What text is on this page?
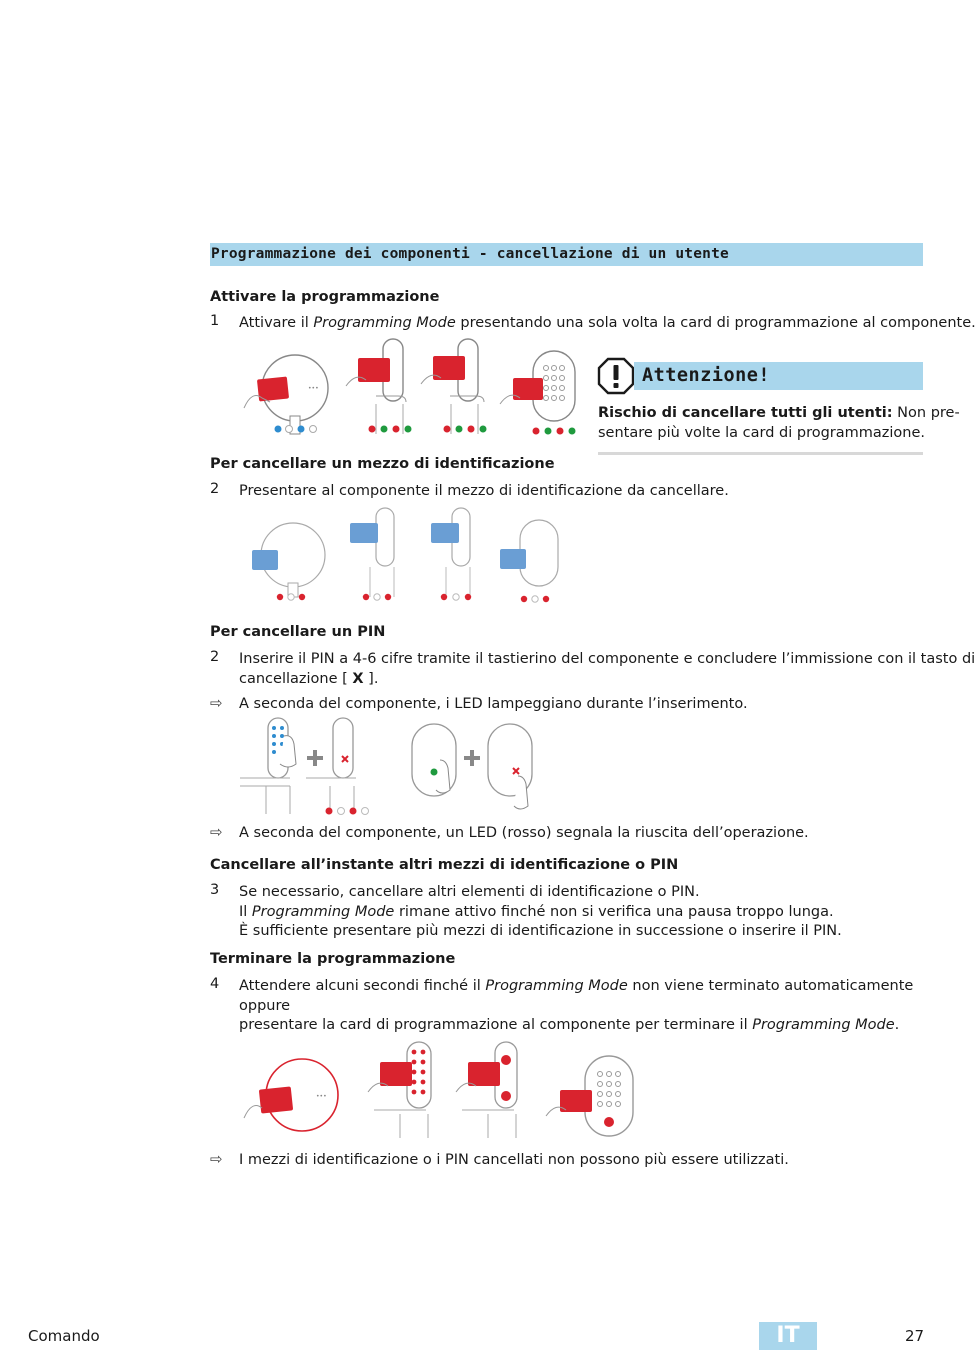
Programmazione dei componenti - cancellazione di un utente
Attivare la programmazione
1	Attivare il Programming Mode presentando una sola volta la card di programmazione al componente.
•••
Attenzione!
Rischio di cancellare tutti gli utenti: Non pre-
sentare più volte la card di programmazione.
Per cancellare un mezzo di identificazione
2	Presentare al componente il mezzo di identificazione da cancellare.
Per cancellare un PIN
2	Inserire il PIN a 4-6 cifre tramite il tastierino del componente e concludere l’immissione con il tasto di
cancellazione [ X ].
⇨ A seconda del componente, i LED lampeggiano durante l’inserimento.
⇨ A seconda del componente, un LED (rosso) segnala la riuscita dell’operazione.
Cancellare all’instante altri mezzi di identificazione o PIN
3	Se necessario, cancellare altri elementi di identificazione o PIN.
Il Programming Mode rimane attivo finché non si verifica una pausa troppo lunga.
È sufficiente presentare più mezzi di identificazione in successione o inserire il PIN.
Terminare la programmazione
4	Attendere alcuni secondi finché il Programming Mode non viene terminato automaticamente
oppure
presentare la card di programmazione al componente per terminare il Programming Mode.
•••
⇨ I mezzi di identificazione o i PIN cancellati non possono più essere utilizzati.
Comando	IT	27
